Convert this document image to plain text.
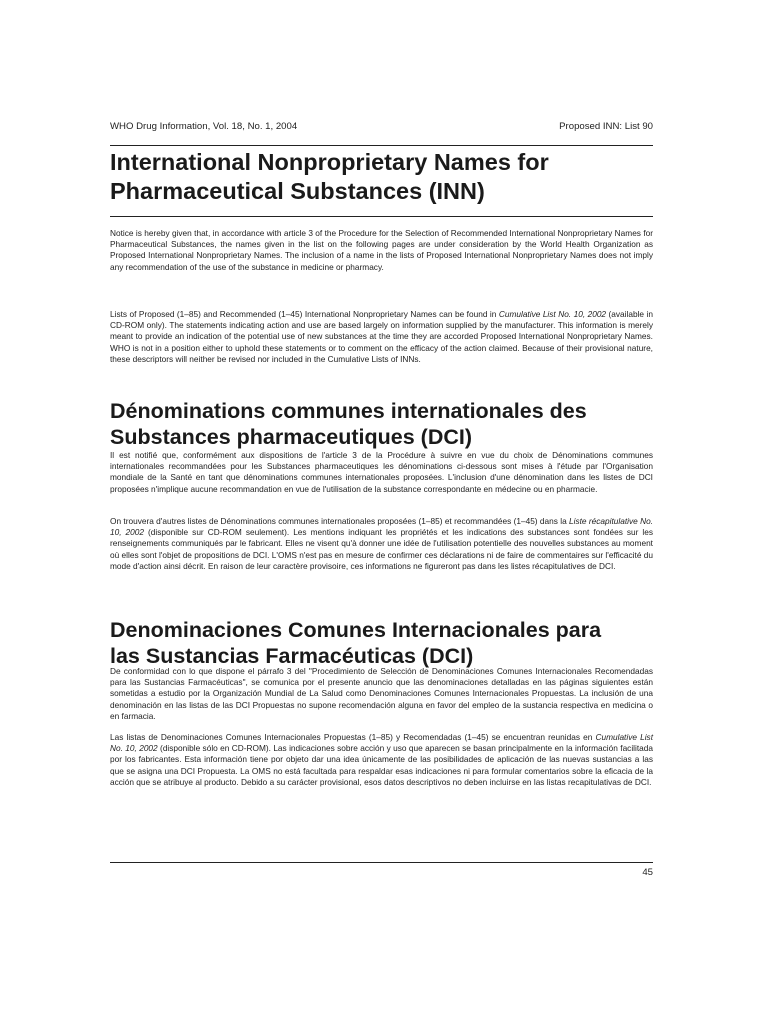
WHO Drug Information, Vol. 18, No. 1, 2004	Proposed INN: List 90
International Nonproprietary Names for
Pharmaceutical Substances (INN)

Notice is hereby given that, in accordance with article 3 of the Procedure for the Selection of Recommended International Nonproprietary Names for Pharmaceutical Substances, the names given in the list on the following pages are under consideration by the World Health Organization as Proposed International Nonproprietary Names. The inclusion of a name in the lists of Proposed International Nonproprietary Names does not imply any recommendation of the use of the substance in medicine or pharmacy.

Lists of Proposed (1–85) and Recommended (1–45) International Nonproprietary Names can be found in Cumulative List No. 10, 2002 (available in CD-ROM only). The statements indicating action and use are based largely on information supplied by the manufacturer. This information is merely meant to provide an indication of the potential use of new substances at the time they are accorded Proposed International Nonproprietary Names. WHO is not in a position either to uphold these statements or to comment on the efficacy of the action claimed. Because of their provisional nature, these descriptors will neither be revised nor included in the Cumulative Lists of INNs.

Dénominations communes internationales des
Substances pharmaceutiques (DCI)

Il est notifié que, conformément aux dispositions de l'article 3 de la Procédure à suivre en vue du choix de Dénominations communes internationales recommandées pour les Substances pharmaceutiques les dénominations ci-dessous sont mises à l'étude par l'Organisation mondiale de la Santé en tant que dénominations communes internationales proposées. L'inclusion d'une dénomination dans les listes de DCI proposées n'implique aucune recommandation en vue de l'utilisation de la substance correspondante en médecine ou en pharmacie.

On trouvera d'autres listes de Dénominations communes internationales proposées (1–85) et recommandées (1–45) dans la Liste récapitulative No. 10, 2002 (disponible sur CD-ROM seulement). Les mentions indiquant les propriétés et les indications des substances sont fondées sur les renseignements communiqués par le fabricant. Elles ne visent qu'à donner une idée de l'utilisation potentielle des nouvelles substances au moment où elles sont l'objet de propositions de DCI. L'OMS n'est pas en mesure de confirmer ces déclarations ni de faire de commentaires sur l'efficacité du mode d'action ainsi décrit. En raison de leur caractère provisoire, ces informations ne figureront pas dans les listes récapitulatives de DCI.

Denominaciones Comunes Internacionales para
las Sustancias Farmacéuticas (DCI)

De conformidad con lo que dispone el párrafo 3 del "Procedimiento de Selección de Denominaciones Comunes Internacionales Recomendadas para las Sustancias Farmacéuticas", se comunica por el presente anuncio que las denominaciones detalladas en las páginas siguientes están sometidas a estudio por la Organización Mundial de La Salud como Denominaciones Comunes Internacionales Propuestas. La inclusión de una denominación en las listas de las DCI Propuestas no supone recomendación alguna en favor del empleo de la sustancia respectiva en medicina o en farmacia.

Las listas de Denominaciones Comunes Internacionales Propuestas (1–85) y Recomendadas (1–45) se encuentran reunidas en Cumulative List No. 10, 2002 (disponible sólo en CD-ROM). Las indicaciones sobre acción y uso que aparecen se basan principalmente en la información facilitada por los fabricantes. Esta información tiene por objeto dar una idea únicamente de las posibilidades de aplicación de las nuevas sustancias a las que se asigna una DCI Propuesta. La OMS no está facultada para respaldar esas indicaciones ni para formular comentarios sobre la eficacia de la acción que se atribuye al producto. Debido a su carácter provisional, esos datos descriptivos no deben incluirse en las listas recapitulativas de DCI.

45
